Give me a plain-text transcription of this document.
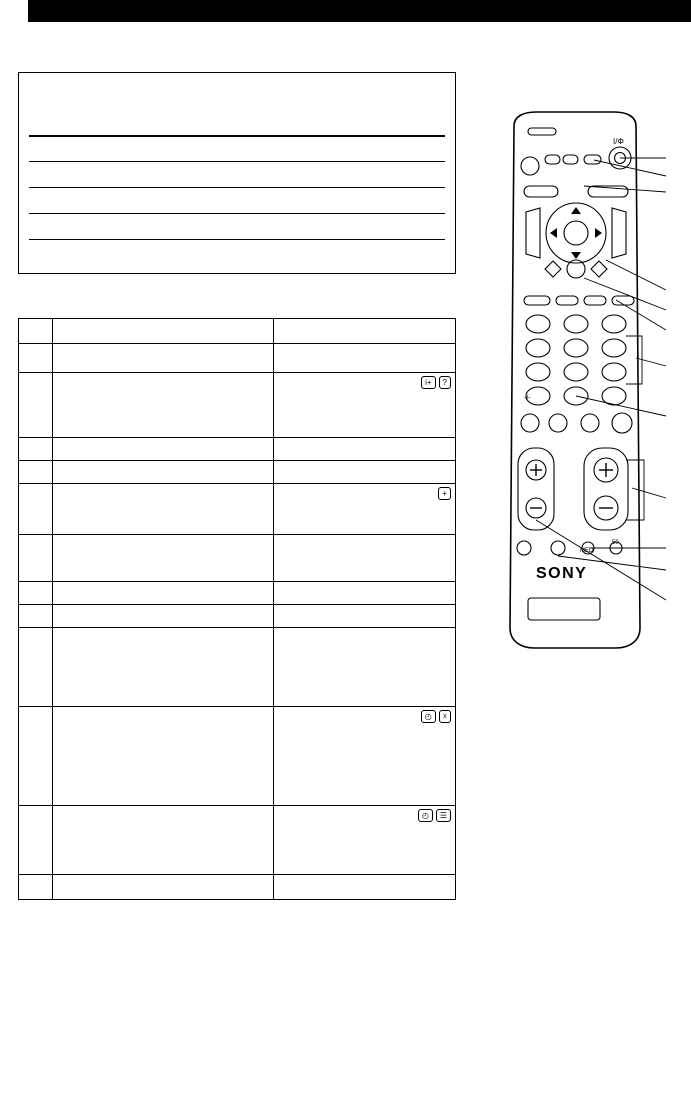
		i+ ?

		+

		◴ ☓

		◴ ☰

SONY
I/Φ
-/-
MED
50
